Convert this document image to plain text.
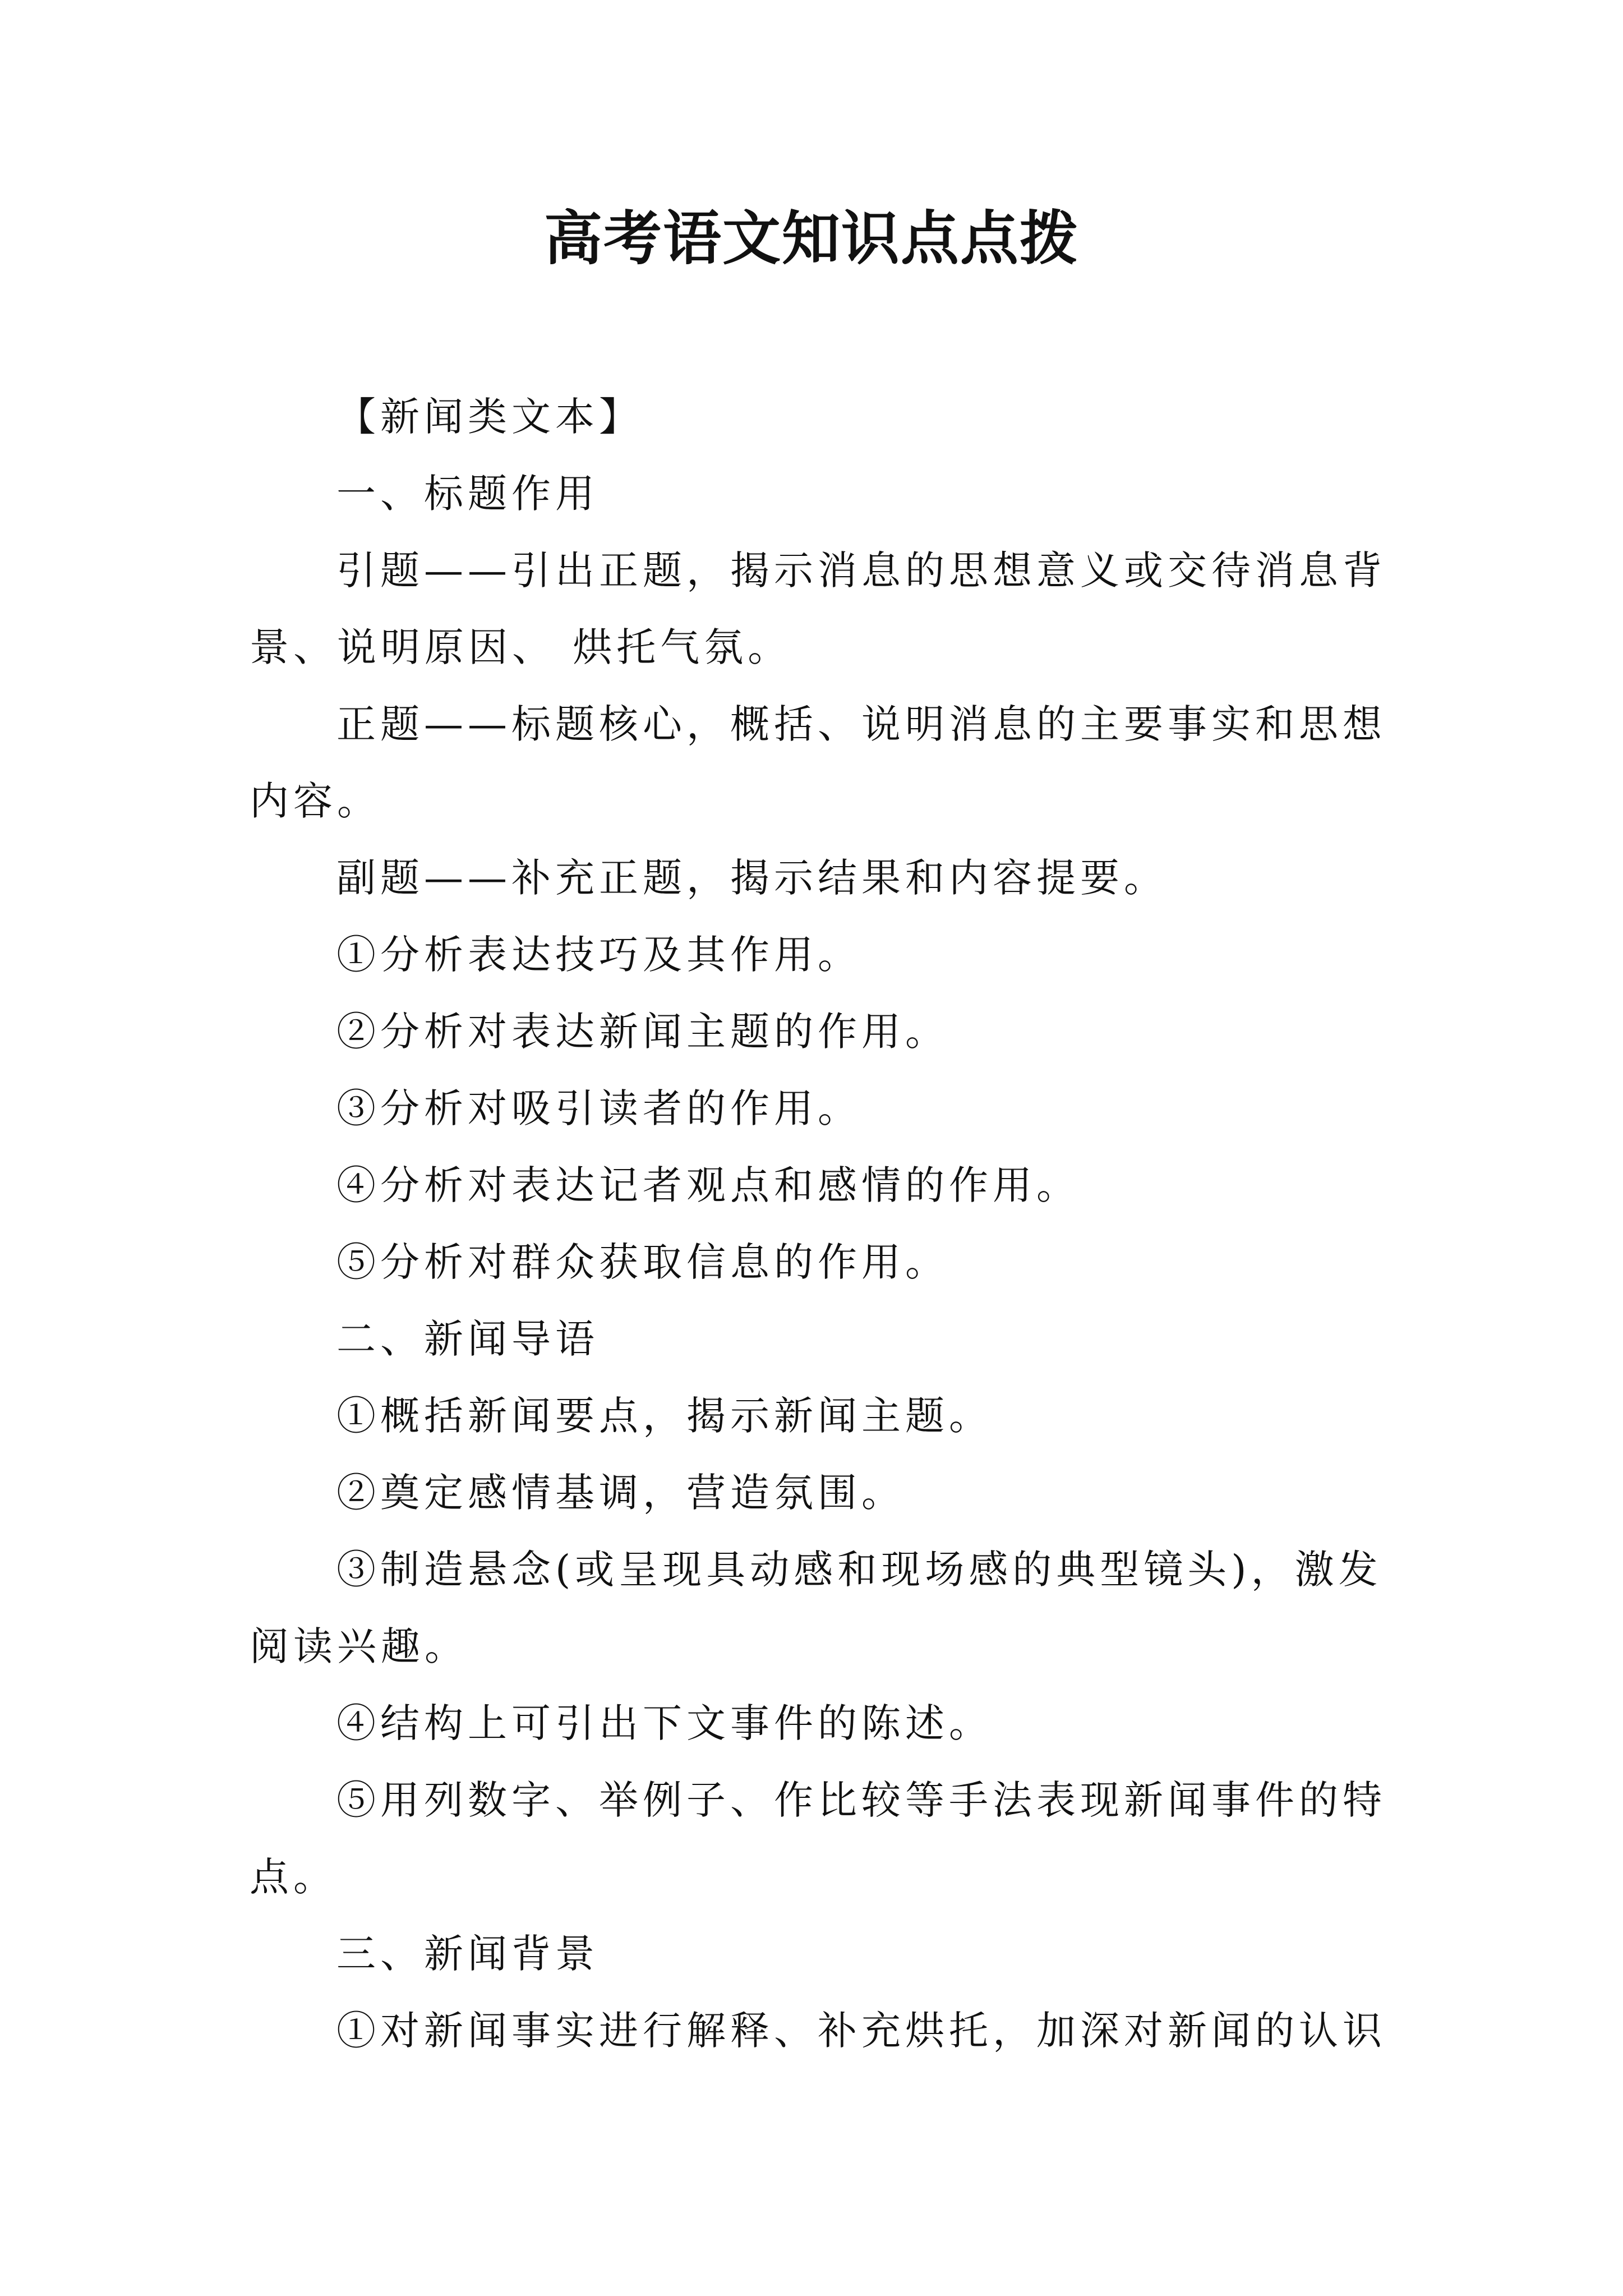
高考语文知识点点拨

【新闻类文本】

一、标题作用

引题——引出正题，揭示消息的思想意义或交待消息背景、说明原因、 烘托气氛。

正题——标题核心，概括、说明消息的主要事实和思想内容。

副题——补充正题，揭示结果和内容提要。

①分析表达技巧及其作用。

②分析对表达新闻主题的作用。

③分析对吸引读者的作用。

④分析对表达记者观点和感情的作用。

⑤分析对群众获取信息的作用。

二、新闻导语

①概括新闻要点，揭示新闻主题。

②奠定感情基调，营造氛围。

③制造悬念(或呈现具动感和现场感的典型镜头)，激发阅读兴趣。

④结构上可引出下文事件的陈述。

⑤用列数字、举例子、作比较等手法表现新闻事件的特点。

三、新闻背景

①对新闻事实进行解释、补充烘托，加深对新闻的认识
